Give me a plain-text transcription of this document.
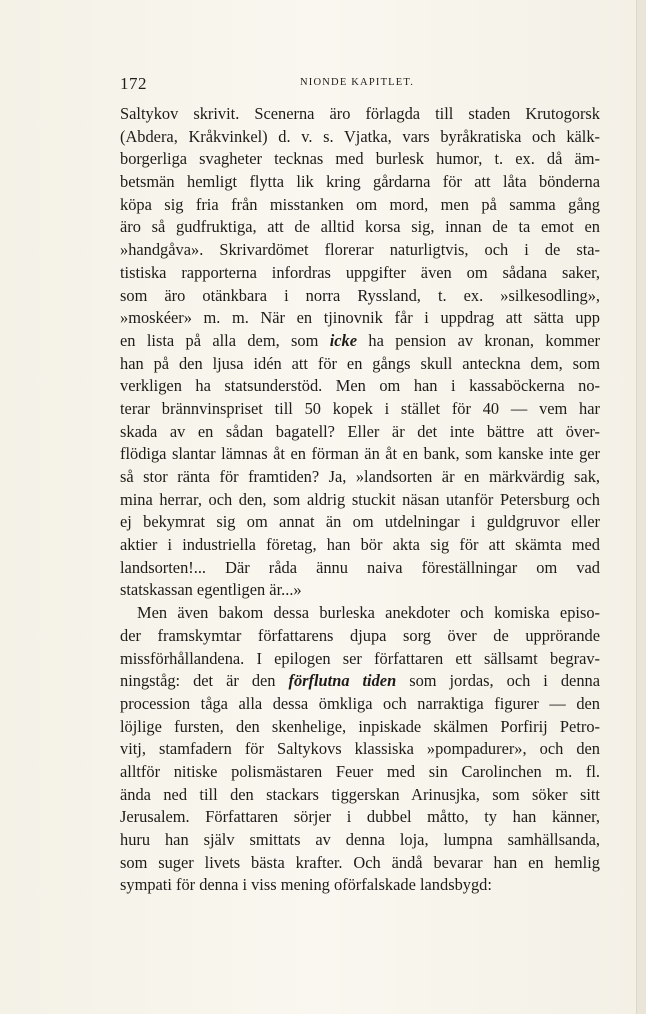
172	NIONDE KAPITLET.
Saltykov skrivit. Scenerna äro förlagda till staden Krutogorsk
(Abdera, Kråkvinkel) d. v. s. Vjatka, vars byråkratiska och kälk-
borgerliga svagheter tecknas med burlesk humor, t. ex. då äm-
betsmän hemligt flytta lik kring gårdarna för att låta bönderna
köpa sig fria från misstanken om mord, men på samma gång
äro så gudfruktiga, att de alltid korsa sig, innan de ta emot en
»handgåva». Skrivardömet florerar naturligtvis, och i de sta-
tistiska rapporterna infordras uppgifter även om sådana saker,
som äro otänkbara i norra Ryssland, t. ex. »silkesodling»,
»moskéer» m. m. När en tjinovnik får i uppdrag att sätta upp
en lista på alla dem, som icke ha pension av kronan, kommer
han på den ljusa idén att för en gångs skull anteckna dem, som
verkligen ha statsunderstöd. Men om han i kassaböckerna no-
terar brännvinspriset till 50 kopek i stället för 40 — vem har
skada av en sådan bagatell? Eller är det inte bättre att över-
flödiga slantar lämnas åt en förman än åt en bank, som kanske inte ger
så stor ränta för framtiden? Ja, »landsorten är en märkvärdig sak,
mina herrar, och den, som aldrig stuckit näsan utanför Petersburg och
ej bekymrat sig om annat än om utdelningar i guldgruvor eller
aktier i industriella företag, han bör akta sig för att skämta med
landsorten!... Där råda ännu naiva föreställningar om vad
statskassan egentligen är...»
Men även bakom dessa burleska anekdoter och komiska episo-
der framskymtar författarens djupa sorg över de upprörande
missförhållandena. I epilogen ser författaren ett sällsamt begrav-
ningståg: det är den förflutna tiden som jordas, och i denna
procession tåga alla dessa ömkliga och narraktiga figurer — den
löjlige fursten, den skenhelige, inpiskade skälmen Porfirij Petro-
vitj, stamfadern för Saltykovs klassiska »pompadurer», och den
alltför nitiske polismästaren Feuer med sin Carolinchen m. fl.
ända ned till den stackars tiggerskan Arinusjka, som söker sitt
Jerusalem. Författaren sörjer i dubbel måtto, ty han känner,
huru han själv smittats av denna loja, lumpna samhällsanda,
som suger livets bästa krafter. Och ändå bevarar han en hemlig
sympati för denna i viss mening oförfalskade landsbygd:
